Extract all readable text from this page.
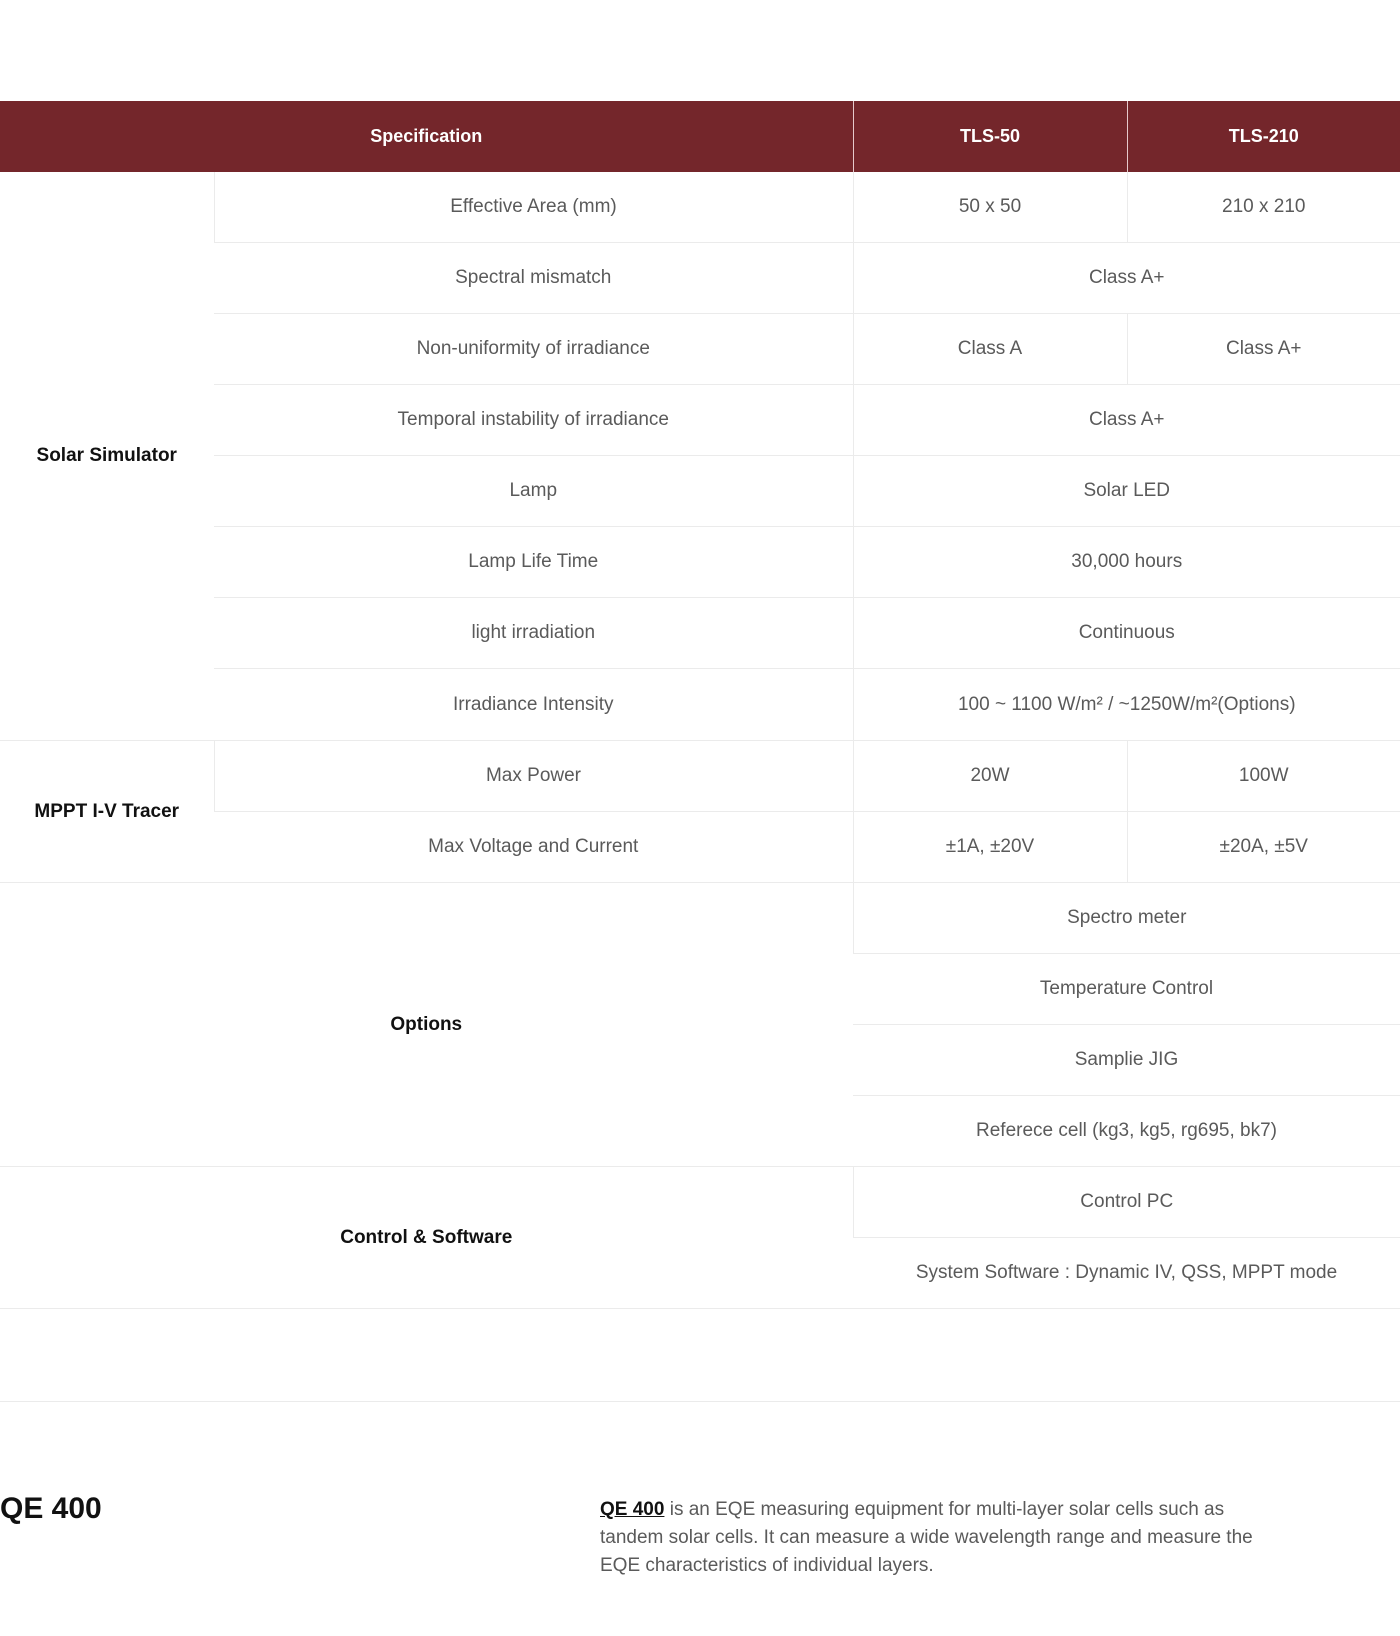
Specification		TLS-50	TLS-210
Solar Simulator	Effective Area (mm)	50 x 50	210 x 210
	Spectral mismatch	Class A+	
	Non-uniformity of irradiance	Class A	Class A+
	Temporal instability of irradiance	Class A+	
	Lamp	Solar LED	
	Lamp Life Time	30,000 hours	
	light irradiation	Continuous	
	Irradiance Intensity	100 ~ 1100 W/m² / ~1250W/m²(Options)	
MPPT I-V Tracer	Max Power	20W	100W
	Max Voltage and Current	±1A, ±20V	±20A, ±5V
Options		Spectro meter	
		Temperature Control	
		Samplie JIG	
		Referece cell (kg3, kg5, rg695, bk7)	
Control & Software		Control PC	
		System Software : Dynamic IV, QSS, MPPT mode	
QE 400	QE 400 is an EQE measuring equipment for multi-layer solar cells such as tandem solar cells. It can measure a wide wavelength range and measure the EQE characteristics of individual layers.
